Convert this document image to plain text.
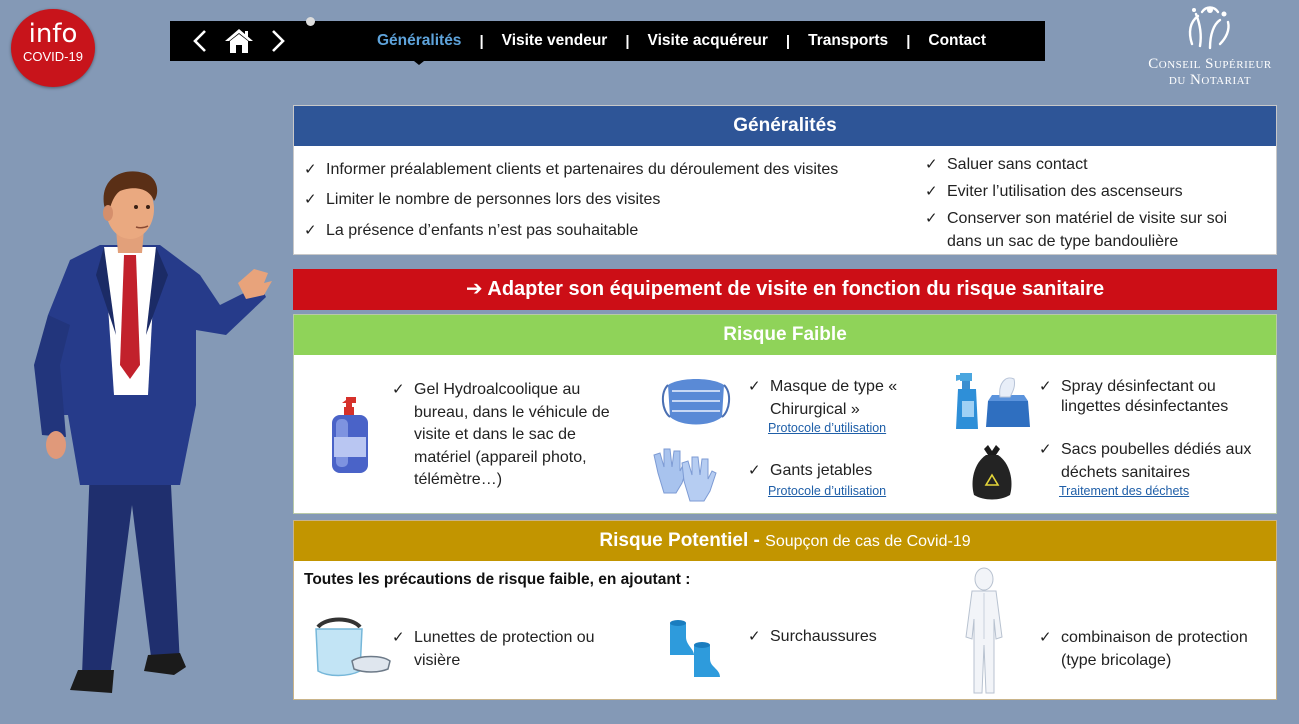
info
COVID-19
Généralités | Visite vendeur | Visite acquéreur | Transports | Contact
Conseil Supérieur
du Notariat
Généralités
✓ Informer préalablement clients et partenaires du déroulement des visites
✓ Limiter le nombre de personnes lors des visites
✓ La présence d’enfants n’est pas souhaitable
✓ Saluer sans contact
✓ Eviter l’utilisation des ascenseurs
✓ Conserver son matériel de visite sur soi dans un sac de type bandoulière
➔ Adapter son équipement de visite en fonction du risque sanitaire
Risque Faible
✓ Gel Hydroalcoolique au bureau, dans le véhicule de visite et dans le sac de matériel (appareil photo, télémètre…)
✓ Masque de type « Chirurgical »
Protocole d’utilisation
✓ Gants jetables
Protocole d’utilisation
✓ Spray désinfectant ou lingettes désinfectantes
✓ Sacs poubelles dédiés aux déchets sanitaires
Traitement des déchets
Risque Potentiel - Soupçon de cas de Covid-19
Toutes les précautions de risque faible, en ajoutant :
✓ Lunettes de protection ou visière
✓ Surchaussures
✓	combinaison de protection (type bricolage)
